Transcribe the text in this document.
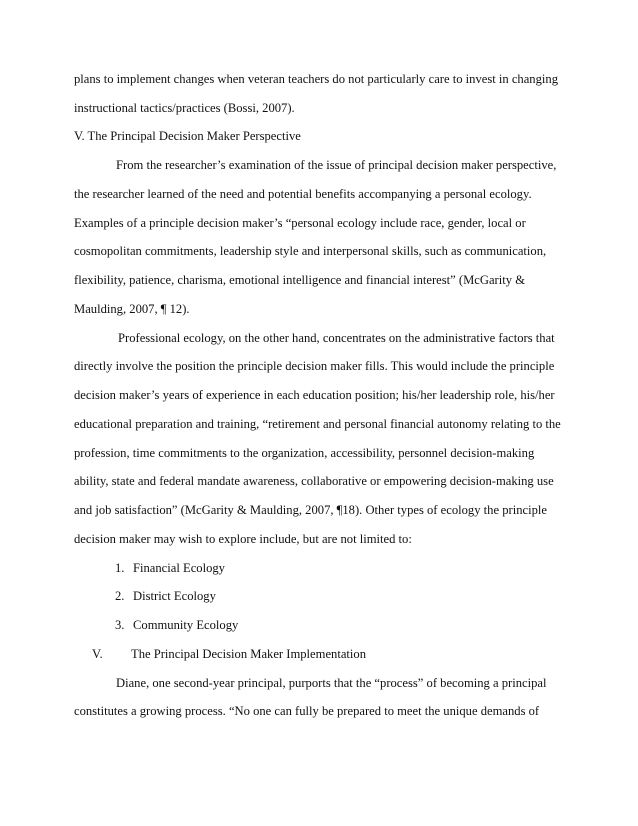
plans to implement changes when veteran teachers do not particularly care to invest in changing
instructional tactics/practices (Bossi, 2007).
V. The Principal Decision Maker Perspective
From the researcher’s examination of the issue of principal decision maker perspective,
the researcher learned of the need and potential benefits accompanying a personal ecology.
Examples of a principle decision maker’s “personal ecology include race, gender, local or
cosmopolitan commitments, leadership style and interpersonal skills, such as communication,
flexibility, patience, charisma, emotional intelligence and financial interest” (McGarity &
Maulding, 2007, ¶ 12).
Professional ecology, on the other hand, concentrates on the administrative factors that
directly involve the position the principle decision maker fills. This would include the principle
decision maker’s years of experience in each education position; his/her leadership role, his/her
educational preparation and training, “retirement and personal financial autonomy relating to the
profession, time commitments to the organization, accessibility, personnel decision-making
ability, state and federal mandate awareness, collaborative or empowering decision-making use
and job satisfaction” (McGarity & Maulding, 2007, ¶18). Other types of ecology the principle
decision maker may wish to explore include, but are not limited to:
1. Financial Ecology
2. District Ecology
3. Community Ecology
V. The Principal Decision Maker Implementation
Diane, one second-year principal, purports that the “process” of becoming a principal
constitutes a growing process. “No one can fully be prepared to meet the unique demands of
